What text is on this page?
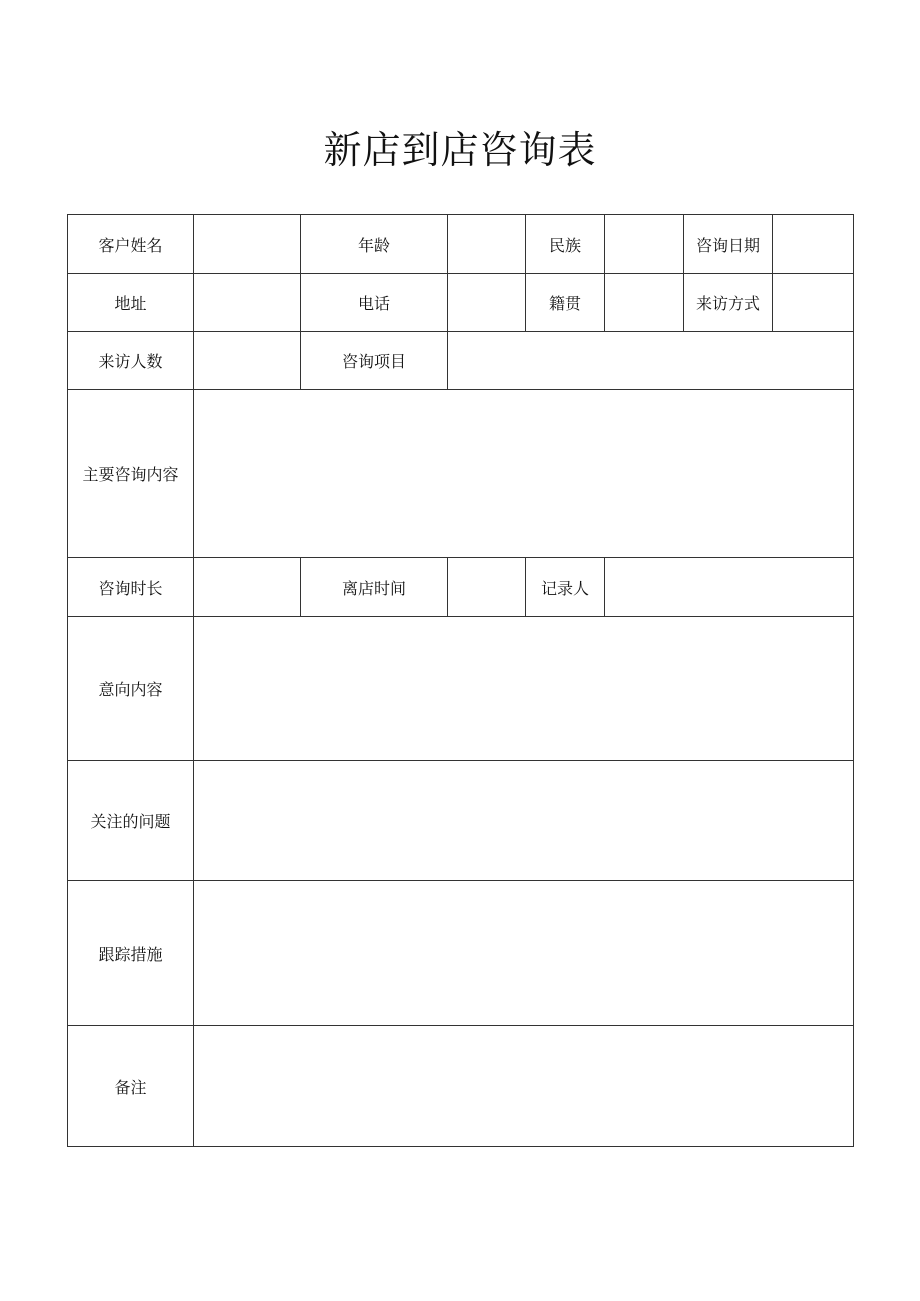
新店到店咨询表
客户姓名		年龄		民族		咨询日期	
地址		电话		籍贯		来访方式	
来访人数		咨询项目					
主要咨询内容							
咨询时长		离店时间		记录人			
意向内容							
关注的问题							
跟踪措施							
备注							
